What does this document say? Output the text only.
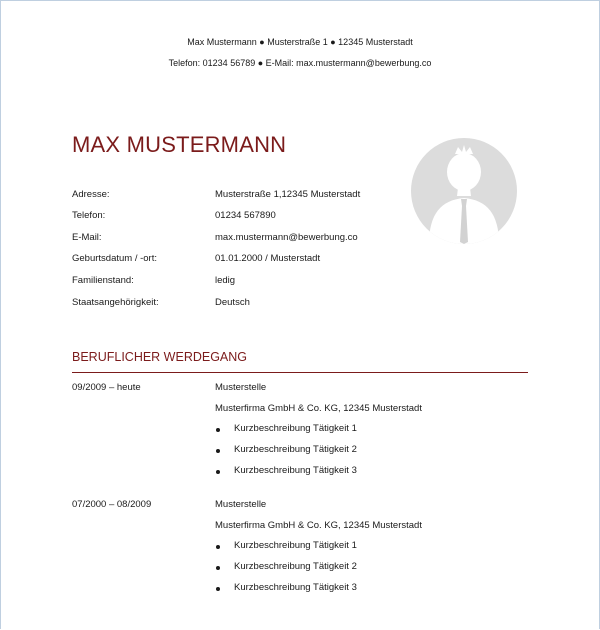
Max Mustermann ● Musterstraße 1 ● 12345 Musterstadt
Telefon: 01234 56789 ● E-Mail: max.mustermann@bewerbung.co
MAX MUSTERMANN
Adresse:	Musterstraße 1,12345 Musterstadt
Telefon:	01234 567890
E-Mail:	max.mustermann@bewerbung.co
Geburtsdatum / -ort:	01.01.2000 / Musterstadt
Familienstand:	ledig
Staatsangehörigkeit:	Deutsch
BERUFLICHER WERDEGANG
09/2009 – heute	Musterstelle
Musterfirma GmbH & Co. KG, 12345 Musterstadt
Kurzbeschreibung Tätigkeit 1
Kurzbeschreibung Tätigkeit 2
Kurzbeschreibung Tätigkeit 3
07/2000 – 08/2009	Musterstelle
Musterfirma GmbH & Co. KG, 12345 Musterstadt
Kurzbeschreibung Tätigkeit 1
Kurzbeschreibung Tätigkeit 2
Kurzbeschreibung Tätigkeit 3
